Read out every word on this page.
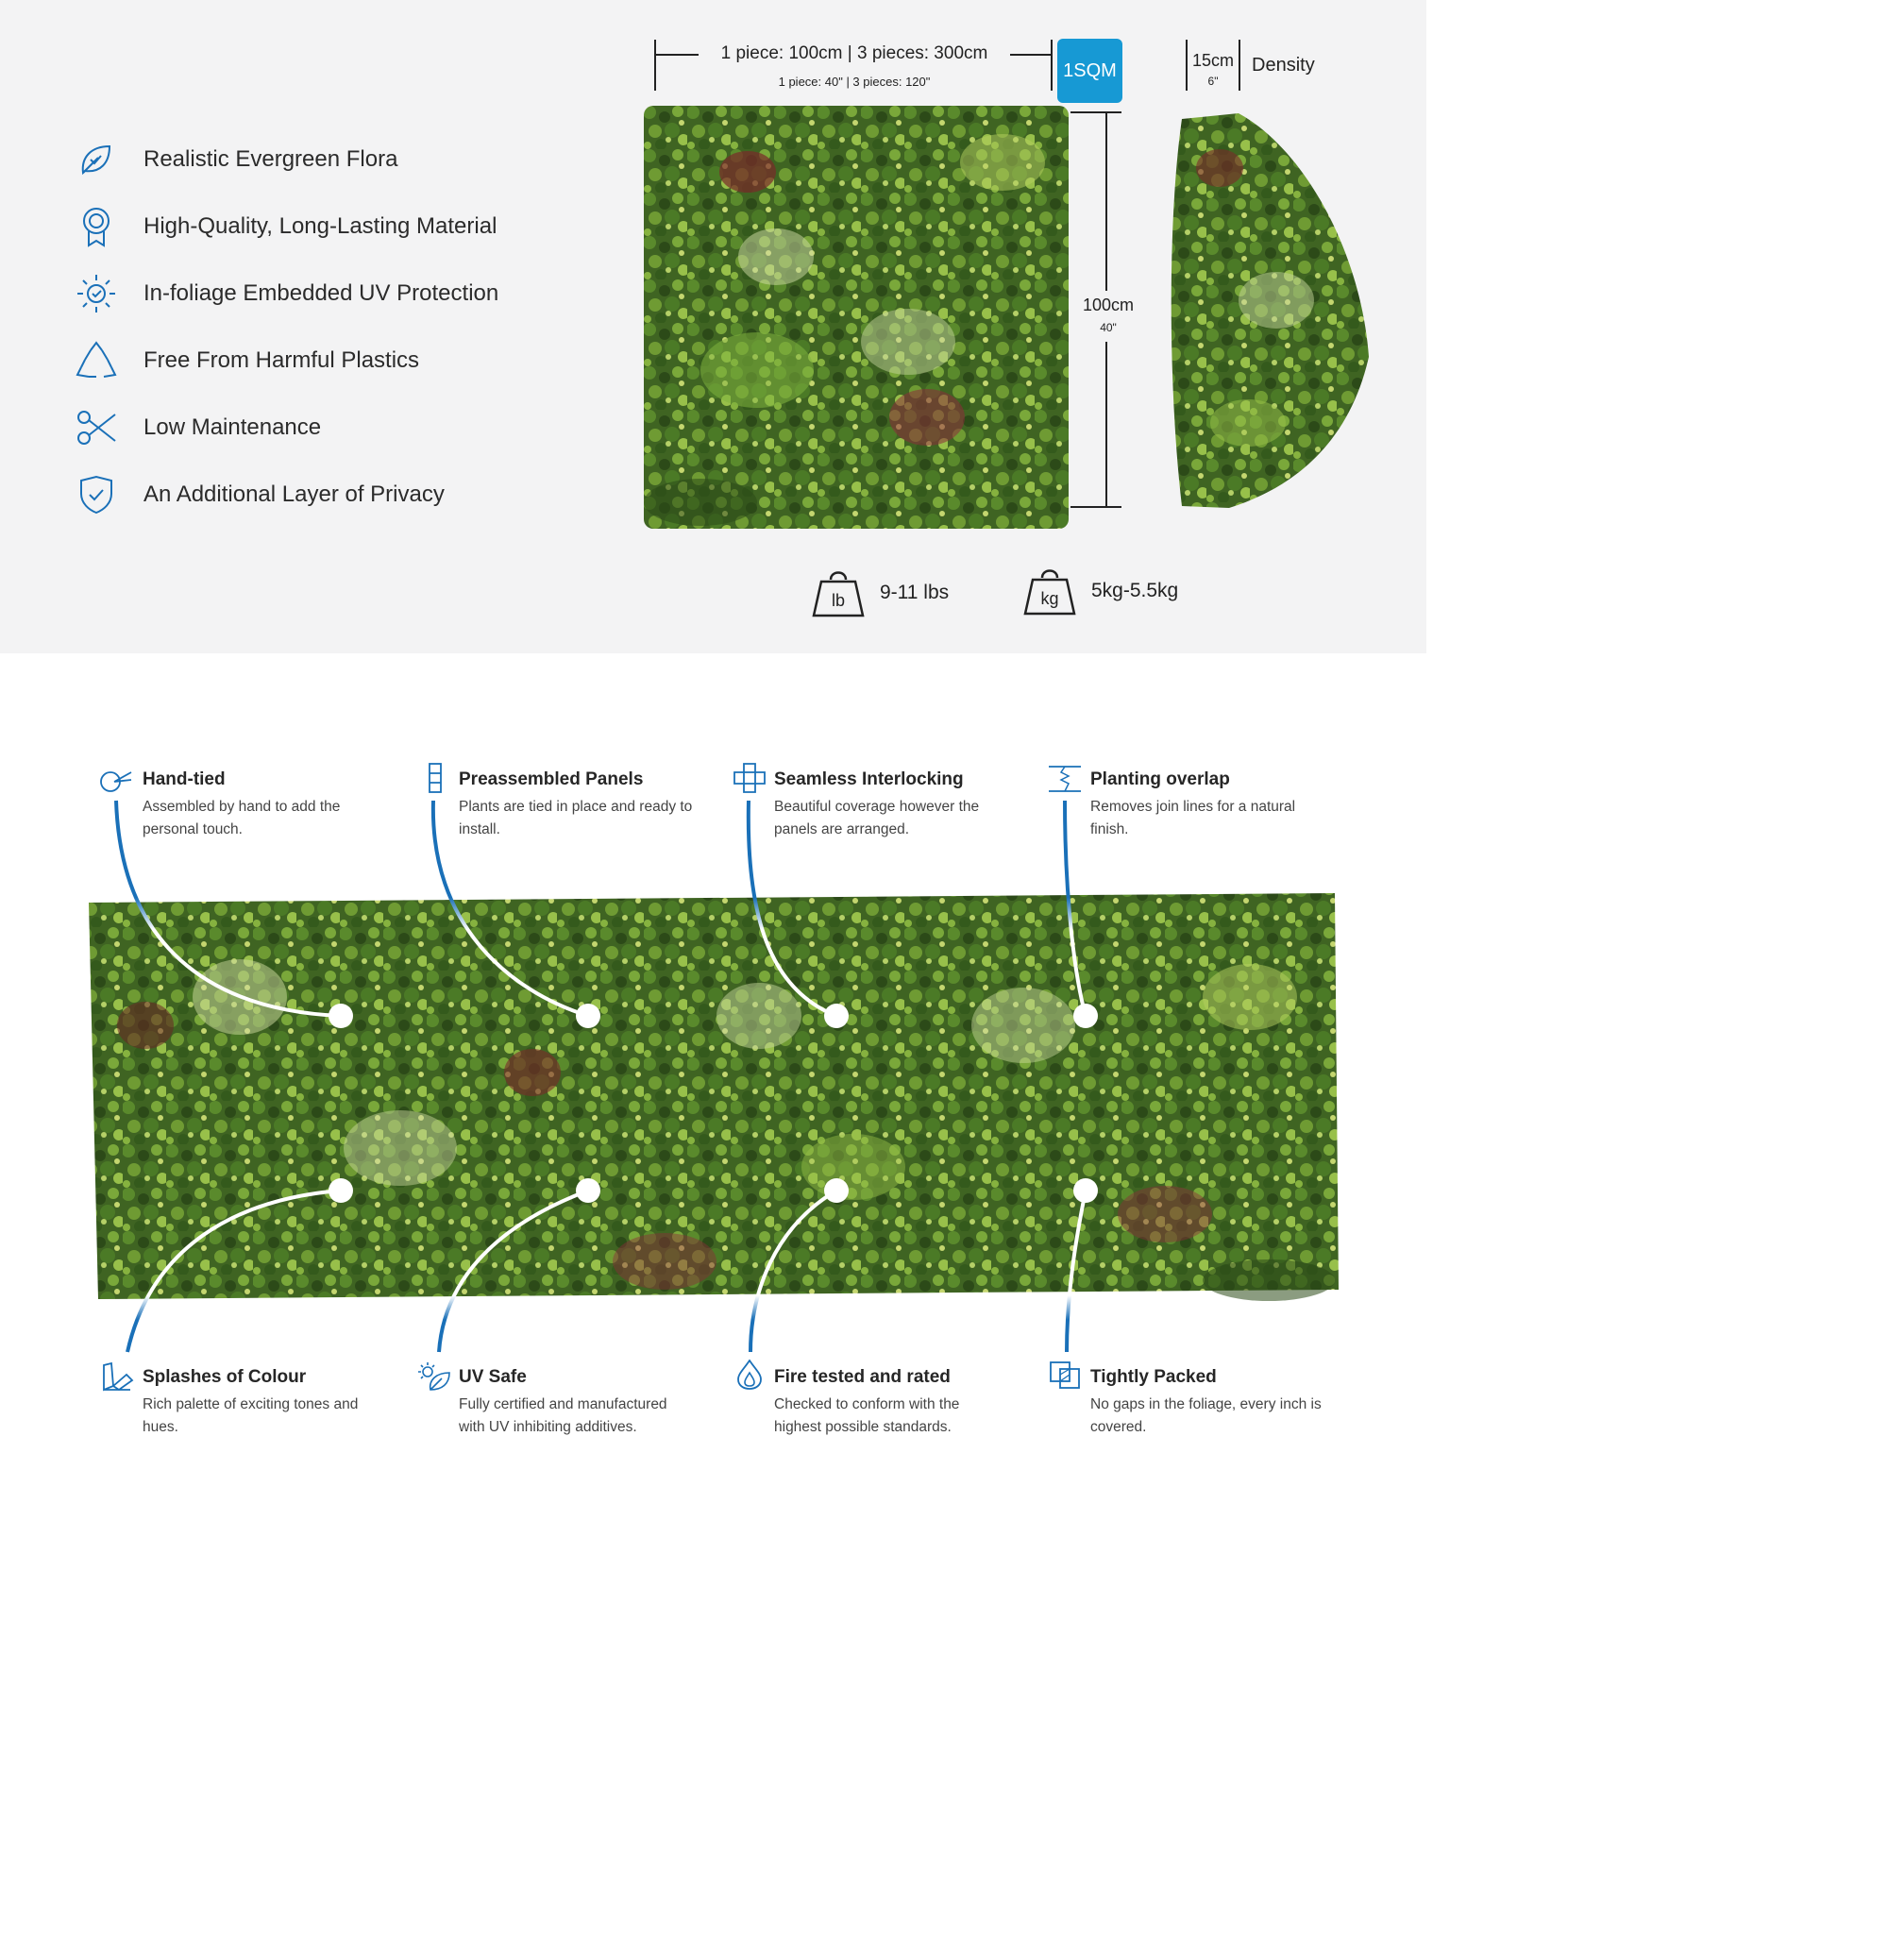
Realistic Evergreen Flora
High-Quality, Long-Lasting Material
In-foliage Embedded UV Protection
Free From Harmful Plastics
Low Maintenance
An Additional Layer of Privacy
1 piece: 100cm | 3 pieces: 300cm
1 piece: 40" | 3 pieces: 120"
1SQM	15cm
6"
Density
100cm
40"
lb 9-11 lbs	kg 5kg-5.5kg
Hand-tied
Assembled by hand to add the personal touch.
Preassembled Panels
Plants are tied in place and ready to install.
Seamless Interlocking
Beautiful coverage however the panels are arranged.
Planting overlap
Removes join lines for a natural finish.
Splashes of Colour
Rich palette of exciting tones and hues.
UV Safe
Fully certified and manufactured with UV inhibiting additives.
Fire tested and rated
Checked to conform with the highest possible standards.
Tightly Packed
No gaps in the foliage, every inch is covered.
